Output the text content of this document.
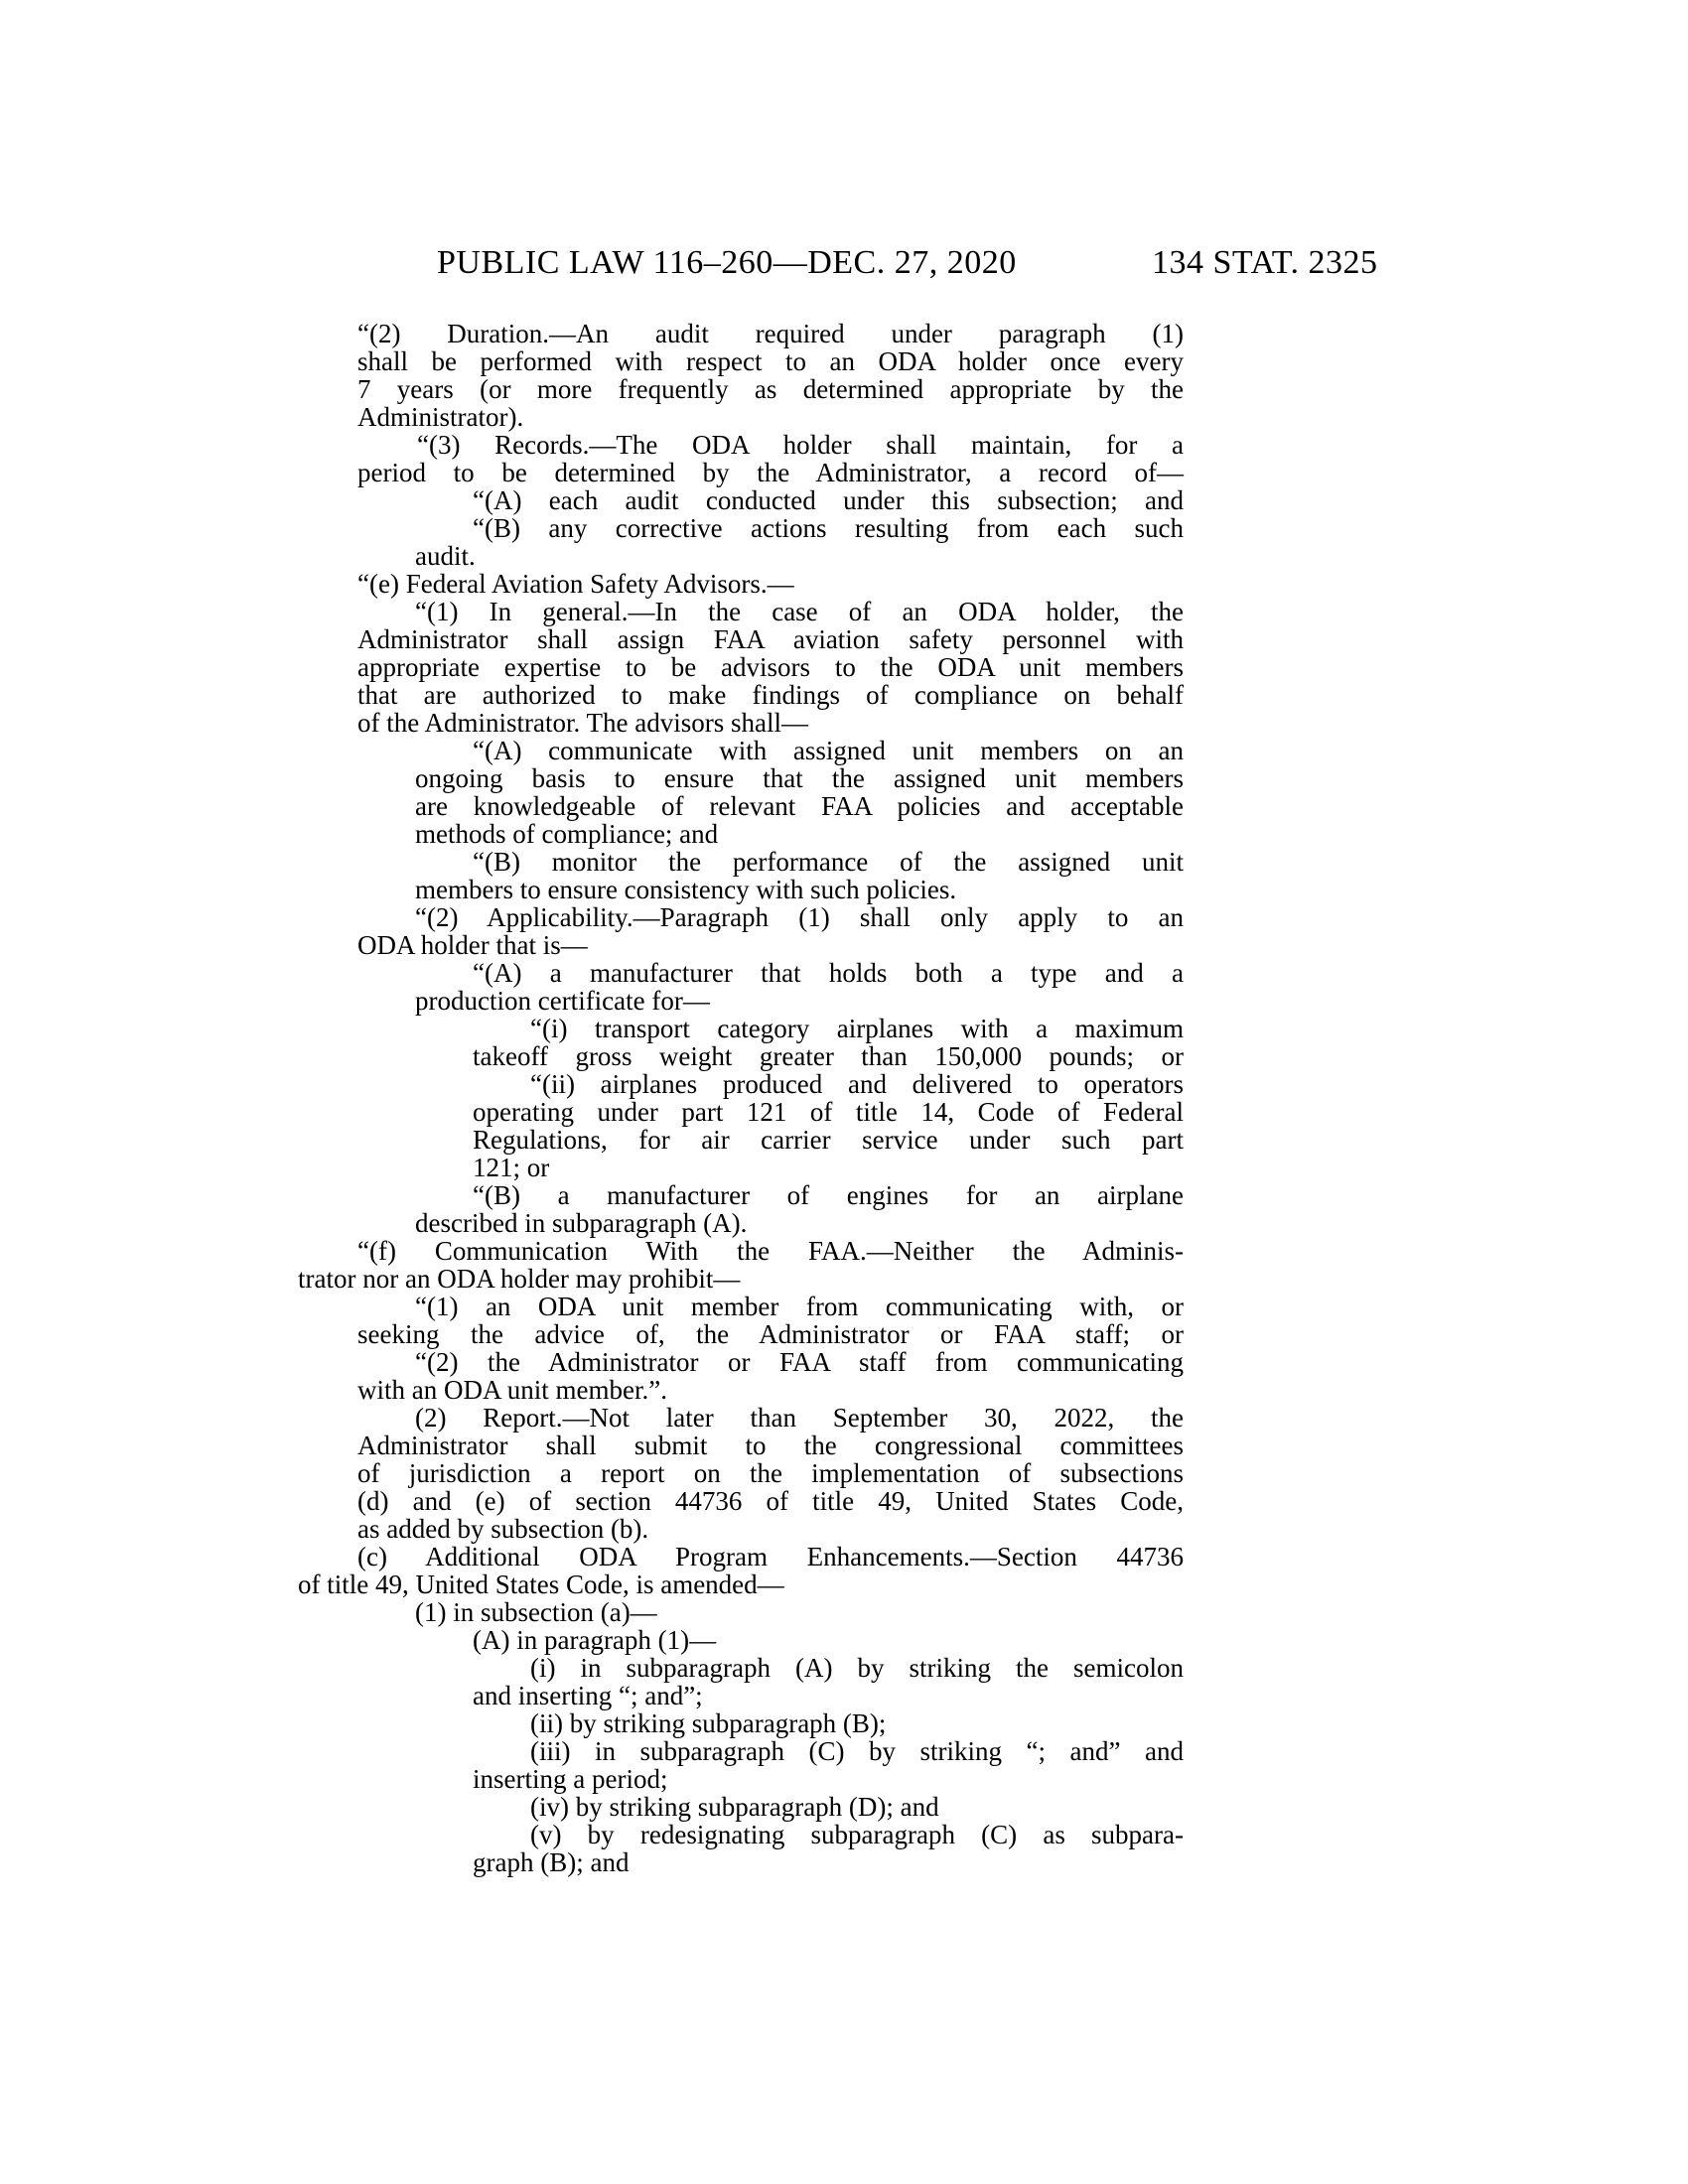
PUBLIC LAW 116–260—DEC. 27, 2020	134 STAT. 2325
“(2) Duration.—An audit required under paragraph (1)
shall be performed with respect to an ODA holder once every
7 years (or more frequently as determined appropriate by the
Administrator).
“(3) Records.—The ODA holder shall maintain, for a
period to be determined by the Administrator, a record of—
“(A) each audit conducted under this subsection; and
“(B) any corrective actions resulting from each such
audit.
“(e) Federal Aviation Safety Advisors.—
“(1) In general.—In the case of an ODA holder, the
Administrator shall assign FAA aviation safety personnel with
appropriate expertise to be advisors to the ODA unit members
that are authorized to make findings of compliance on behalf
of the Administrator. The advisors shall—
“(A) communicate with assigned unit members on an
ongoing basis to ensure that the assigned unit members
are knowledgeable of relevant FAA policies and acceptable
methods of compliance; and
“(B) monitor the performance of the assigned unit
members to ensure consistency with such policies.
“(2) Applicability.—Paragraph (1) shall only apply to an
ODA holder that is—
“(A) a manufacturer that holds both a type and a
production certificate for—
“(i) transport category airplanes with a maximum
takeoff gross weight greater than 150,000 pounds; or
“(ii) airplanes produced and delivered to operators
operating under part 121 of title 14, Code of Federal
Regulations, for air carrier service under such part
121; or
“(B) a manufacturer of engines for an airplane
described in subparagraph (A).
“(f) Communication With the FAA.—Neither the Adminis-
trator nor an ODA holder may prohibit—
“(1) an ODA unit member from communicating with, or
seeking the advice of, the Administrator or FAA staff; or
“(2) the Administrator or FAA staff from communicating
with an ODA unit member.”.
(2) Report.—Not later than September 30, 2022, the
Administrator shall submit to the congressional committees
of jurisdiction a report on the implementation of subsections
(d) and (e) of section 44736 of title 49, United States Code,
as added by subsection (b).
(c) Additional ODA Program Enhancements.—Section 44736
of title 49, United States Code, is amended—
(1) in subsection (a)—
(A) in paragraph (1)—
(i) in subparagraph (A) by striking the semicolon
and inserting “; and”;
(ii) by striking subparagraph (B);
(iii) in subparagraph (C) by striking “; and” and
inserting a period;
(iv) by striking subparagraph (D); and
(v) by redesignating subparagraph (C) as subpara-
graph (B); and
